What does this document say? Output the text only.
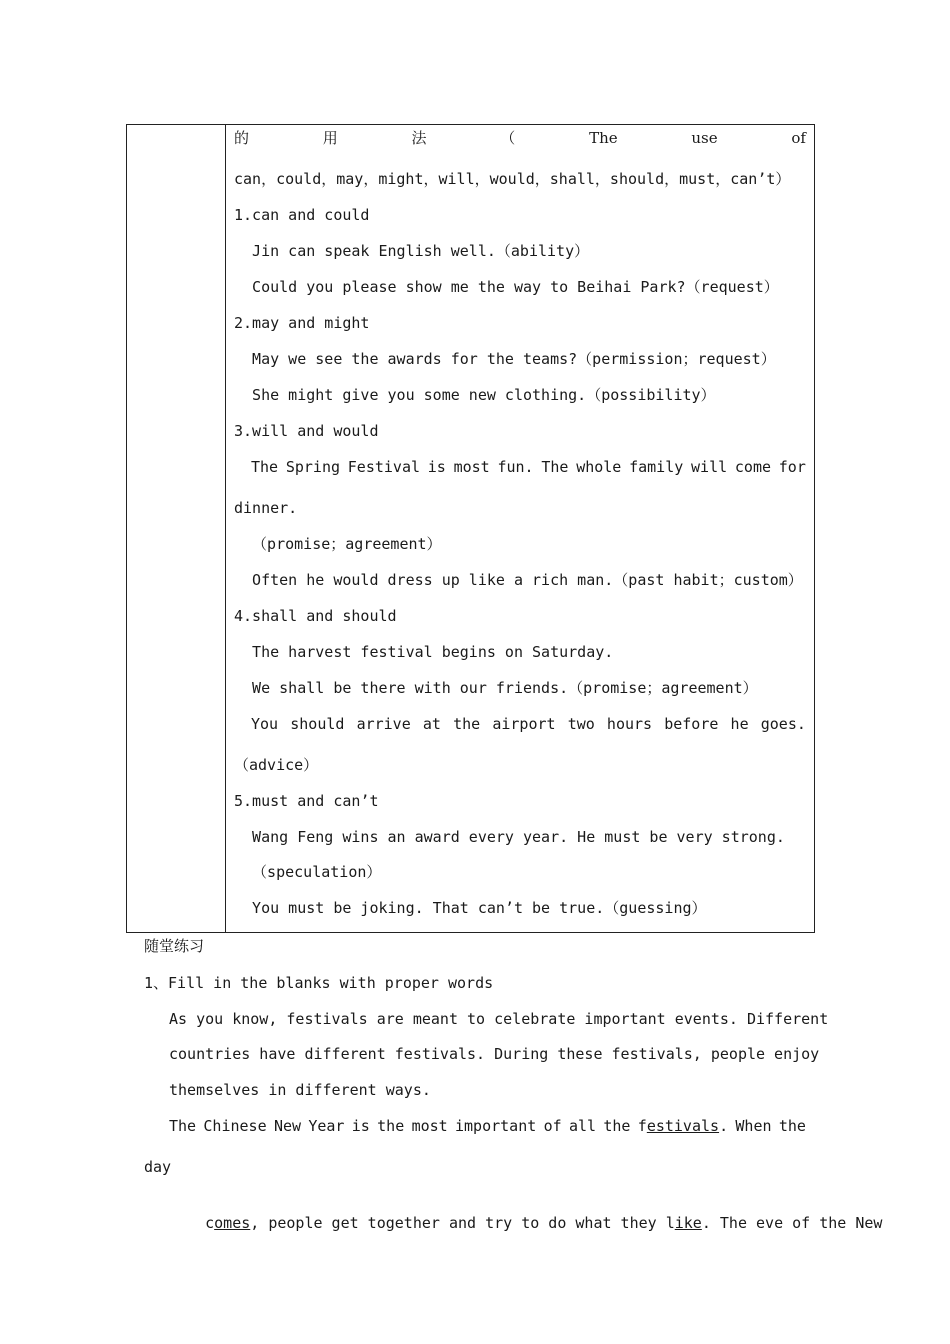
的	用	法	（	The	use	of
can，could，may，might，will，would，shall，should，must，can’t）
1.can and could
Jin can speak English well.（ability）
Could you please show me the way to Beihai Park?（request）
2.may and might
May we see the awards for the teams?（permission；request）
She might give you some new clothing.（possibility）
3.will and would
The Spring Festival is most fun. The whole family will come for
dinner.
（promise；agreement）
Often he would dress up like a rich man.（past habit；custom）
4.shall and should
The harvest festival begins on Saturday.
We shall be there with our friends.（promise；agreement）
You should arrive at the airport two hours before he goes.
（advice）
5.must and can’t
Wang Feng wins an award every year. He must be very strong.
（speculation）
You must be joking. That can’t be true.（guessing）
随堂练习
1、Fill in the blanks with proper words
As you know, festivals are meant to celebrate important events. Different
countries have different festivals. During these festivals, people enjoy
themselves in different ways.
The Chinese New Year is the most important of all the festivals. When the
day

comes, people get together and try to do what they like. The eve of the New
